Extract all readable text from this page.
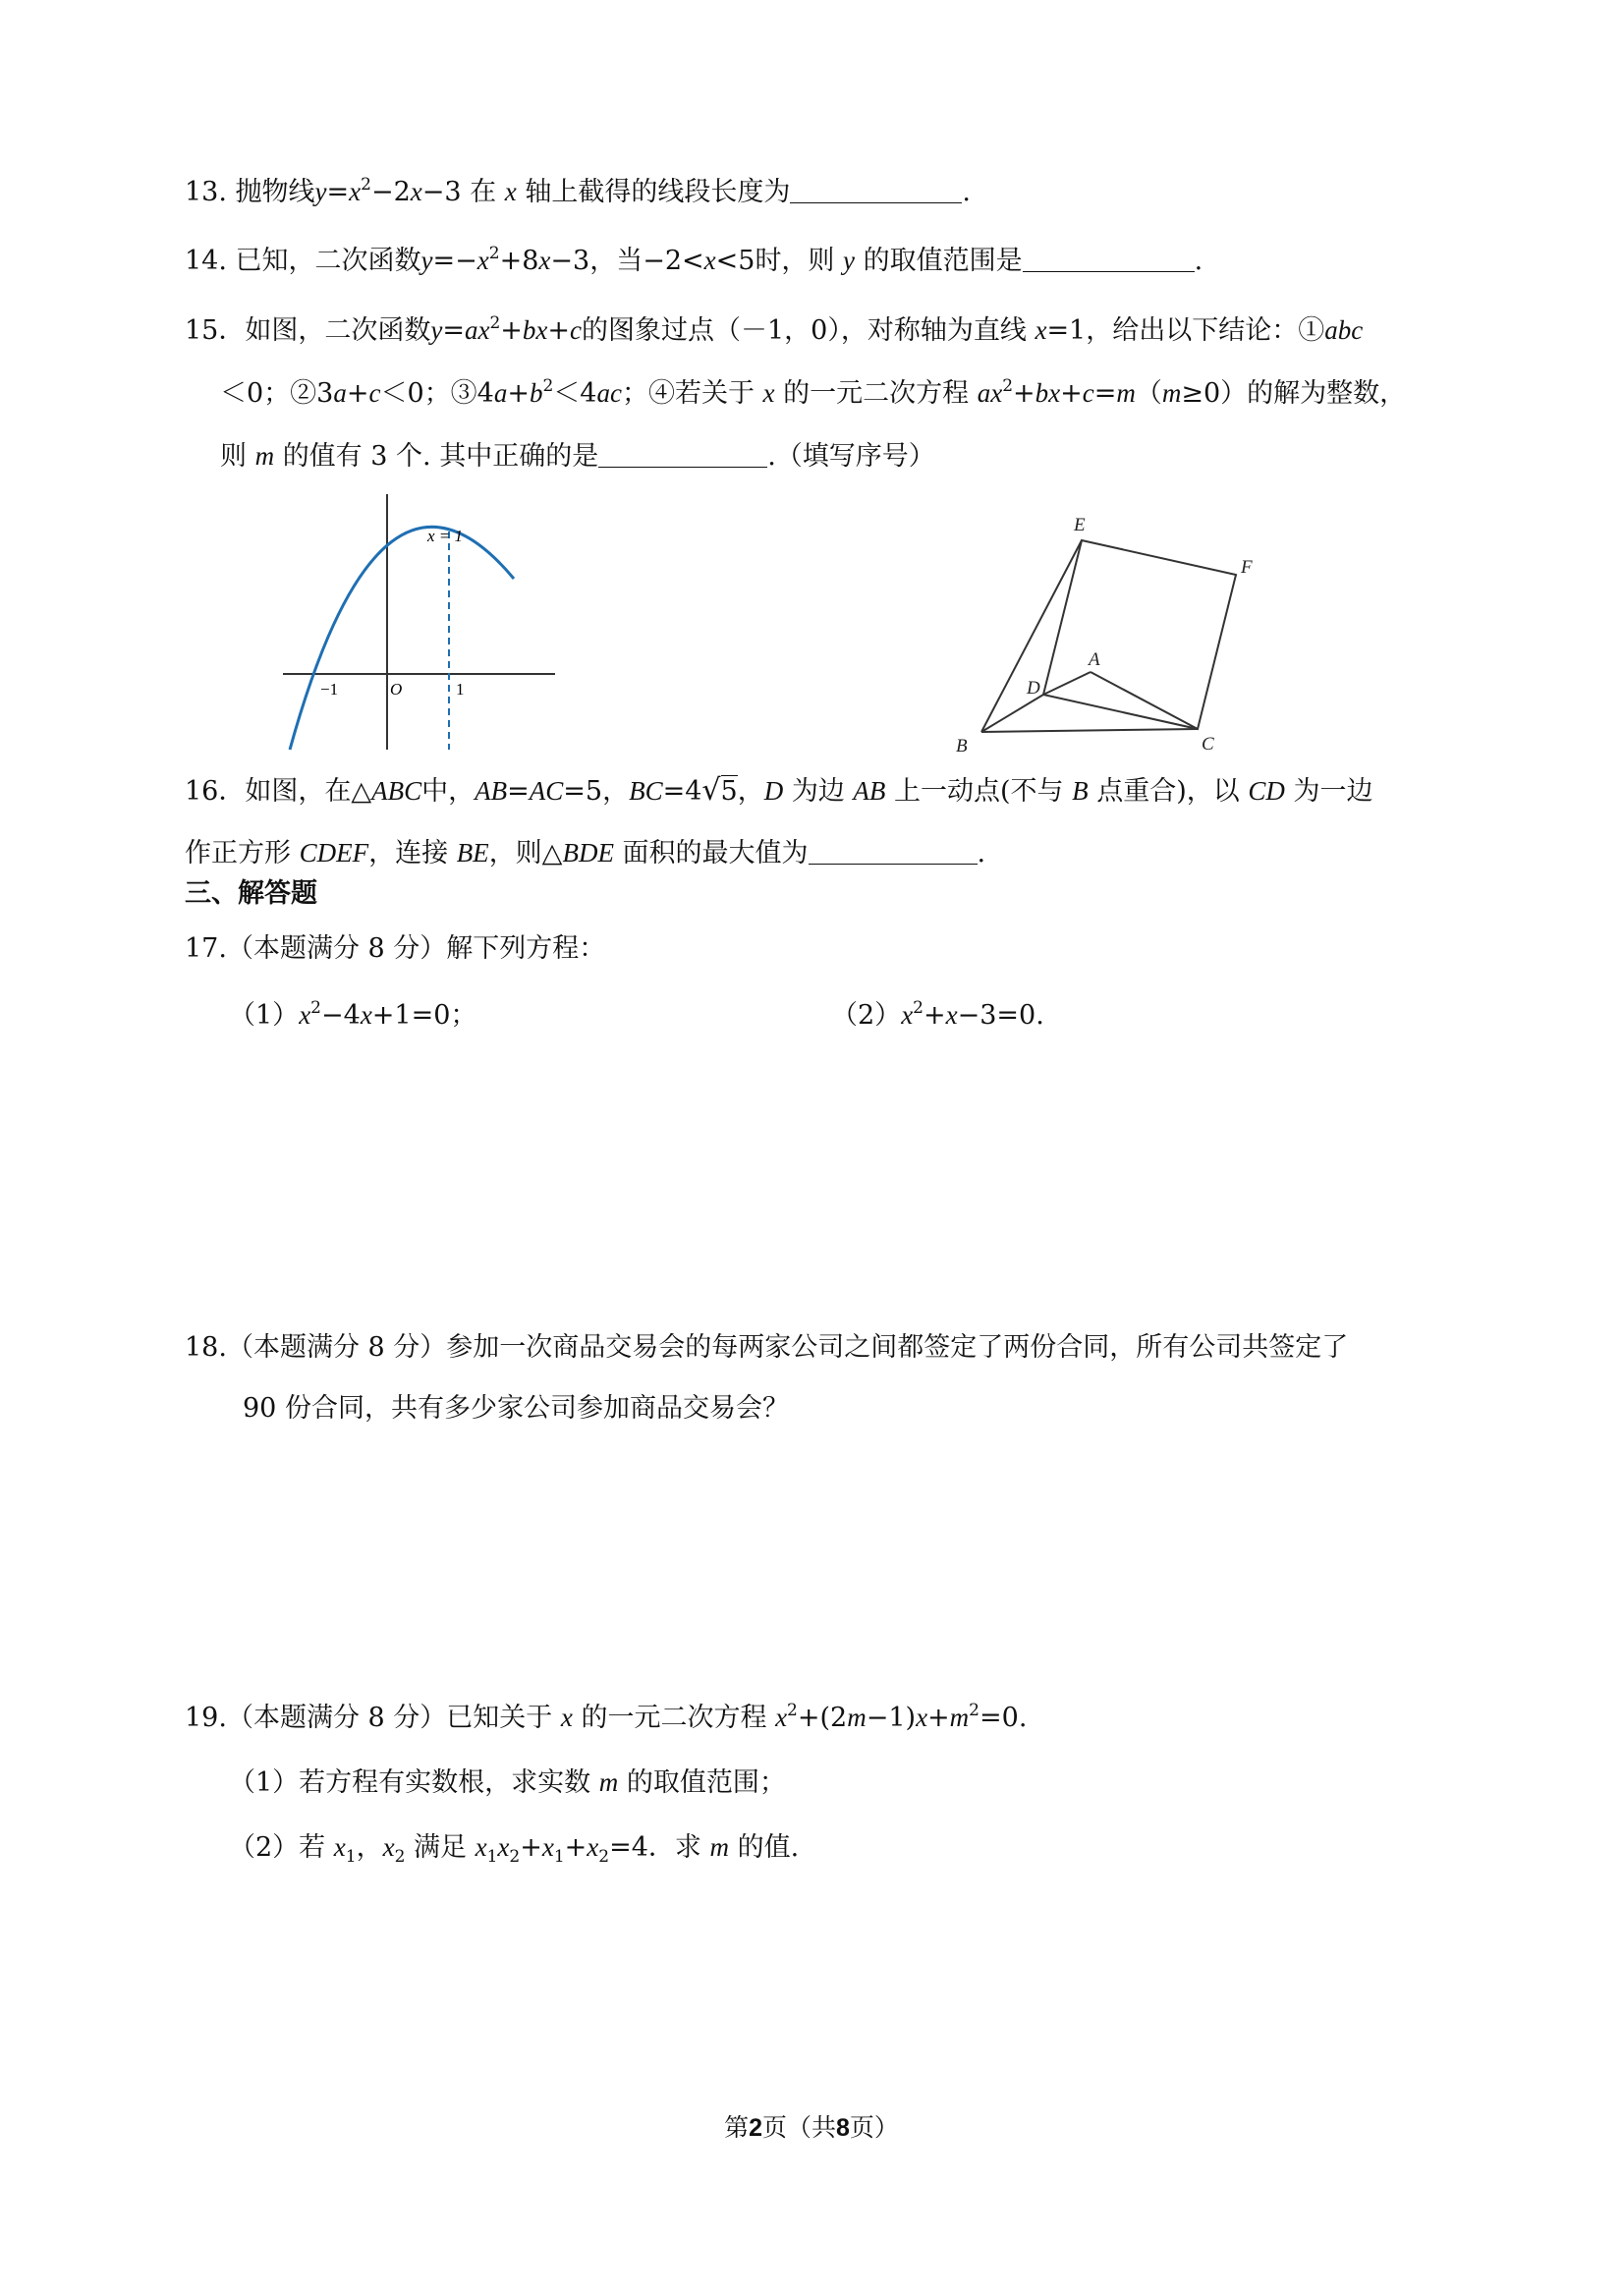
13. 抛物线$y=x^2-2x-3$ 在 x 轴上截得的线段长度为	.
14. 已知，二次函数$y=-x^2+8x-3$，当−2<x<5时，则 y 的取值范围是	.
15．如图，二次函数$y=ax^2+bx+c$的图象过点（－1，0），对称轴为直线 x=1，给出以下结论：①abc
＜0；②3a+c＜0；$③4a+b^2<4ac$；④若关于 x 的一元二次方程 $ax^2+bx+c=m(m\ge 0)$的解为整数，
则 m 的值有 3 个. 其中正确的是	.（填写序号）
x = 1
−1	O	1
E
F
A
D
B	C
16．如图，在△ABC中，AB=AC=5，BC=4√5，D 为边 AB 上一动点(不与 B 点重合)，以 CD 为一边
作正方形 CDEF，连接 BE，则△BDE 面积的最大值为	.
三、解答题
17.（本题满分 8 分）解下列方程：
$(1)x^2-4x+1=0$；	$(2)x^2+x-3=0$.
18.（本题满分 8 分）参加一次商品交易会的每两家公司之间都签定了两份合同，所有公司共签定了
90 份合同，共有多少家公司参加商品交易会？
19.（本题满分 8 分）已知关于 x 的一元二次方程 $x^2+(2m-1)x+m^2=0$.
（1）若方程有实数根，求实数 m 的取值范围；
（2）若 $x_1$，$x_2$ 满足 $x_1x_2+x_1+x_2=4$．求 m 的值.
第2页（共8页）
